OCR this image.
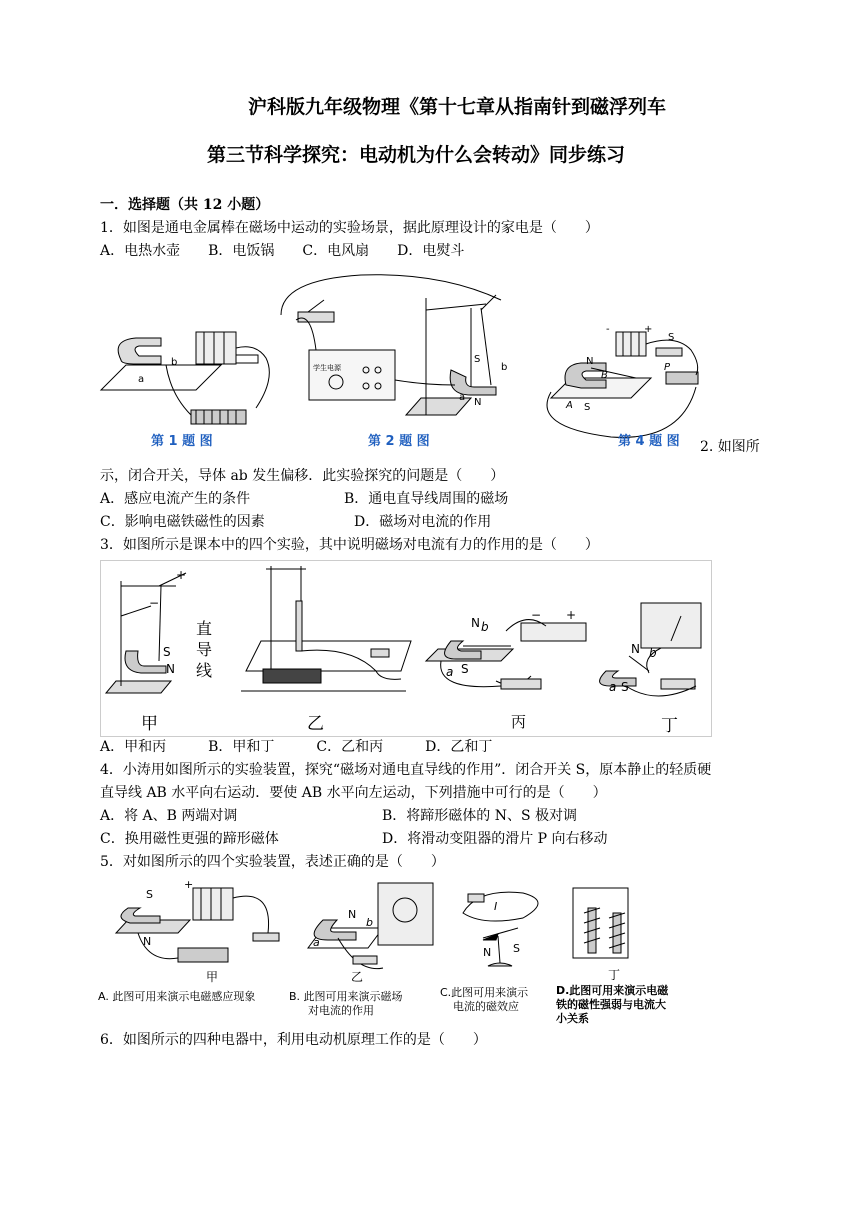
沪科版九年级物理《第十七章从指南针到磁浮列车
第三节科学探究：电动机为什么会转动》同步练习
一．选择题（共 12 小题）
1．如图是通电金属棒在磁场中运动的实验场景，据此原理设计的家电是（　　）
A．电热水壶　　B．电饭锅　　C．电风扇　　D．电熨斗
b
a
学生电源
S
b
a N
-	+
S
N
B
P
A S
第 1 题 图	第 2 题 图	第 4 题 图 2. 如图所
示，闭合开关，导体 ab 发生偏移．此实验探究的问题是（　　）
A．感应电流产生的条件	B．通电直导线周围的磁场
C．影响电磁铁磁性的因素	D．磁场对电流的作用
3．如图所示是课本中的四个实验，其中说明磁场对电流有力的作用的是（　　）
+
−
S
N
N b
a S
− +
N b
a S
直
导
线
甲	乙	丙	丁
A．甲和丙　　　B．甲和丁　　　C．乙和丙　　　D．乙和丁
4．小涛用如图所示的实验装置，探究“磁场对通电直导线的作用”．闭合开关 S，原本静止的轻质硬
直导线 AB 水平向右运动．要使 AB 水平向左运动，下列措施中可行的是（　　）
A．将 A、B 两端对调	B．将蹄形磁体的 N、S 极对调
C．换用磁性更强的蹄形磁体	D．将滑动变阻器的滑片 P 向右移动
5．对如图所示的四个实验装置，表述正确的是（　　）
S
+
N
N
b
a
I
N S
甲	乙	丁
A. 此图可用来演示电磁感应现象	B. 此图可用来演示磁场
对电流的作用
C.此图可用来演示
电流的磁效应
D.此图可用来演示电磁
铁的磁性强弱与电流大
小关系
6．如图所示的四种电器中，利用电动机原理工作的是（　　）
